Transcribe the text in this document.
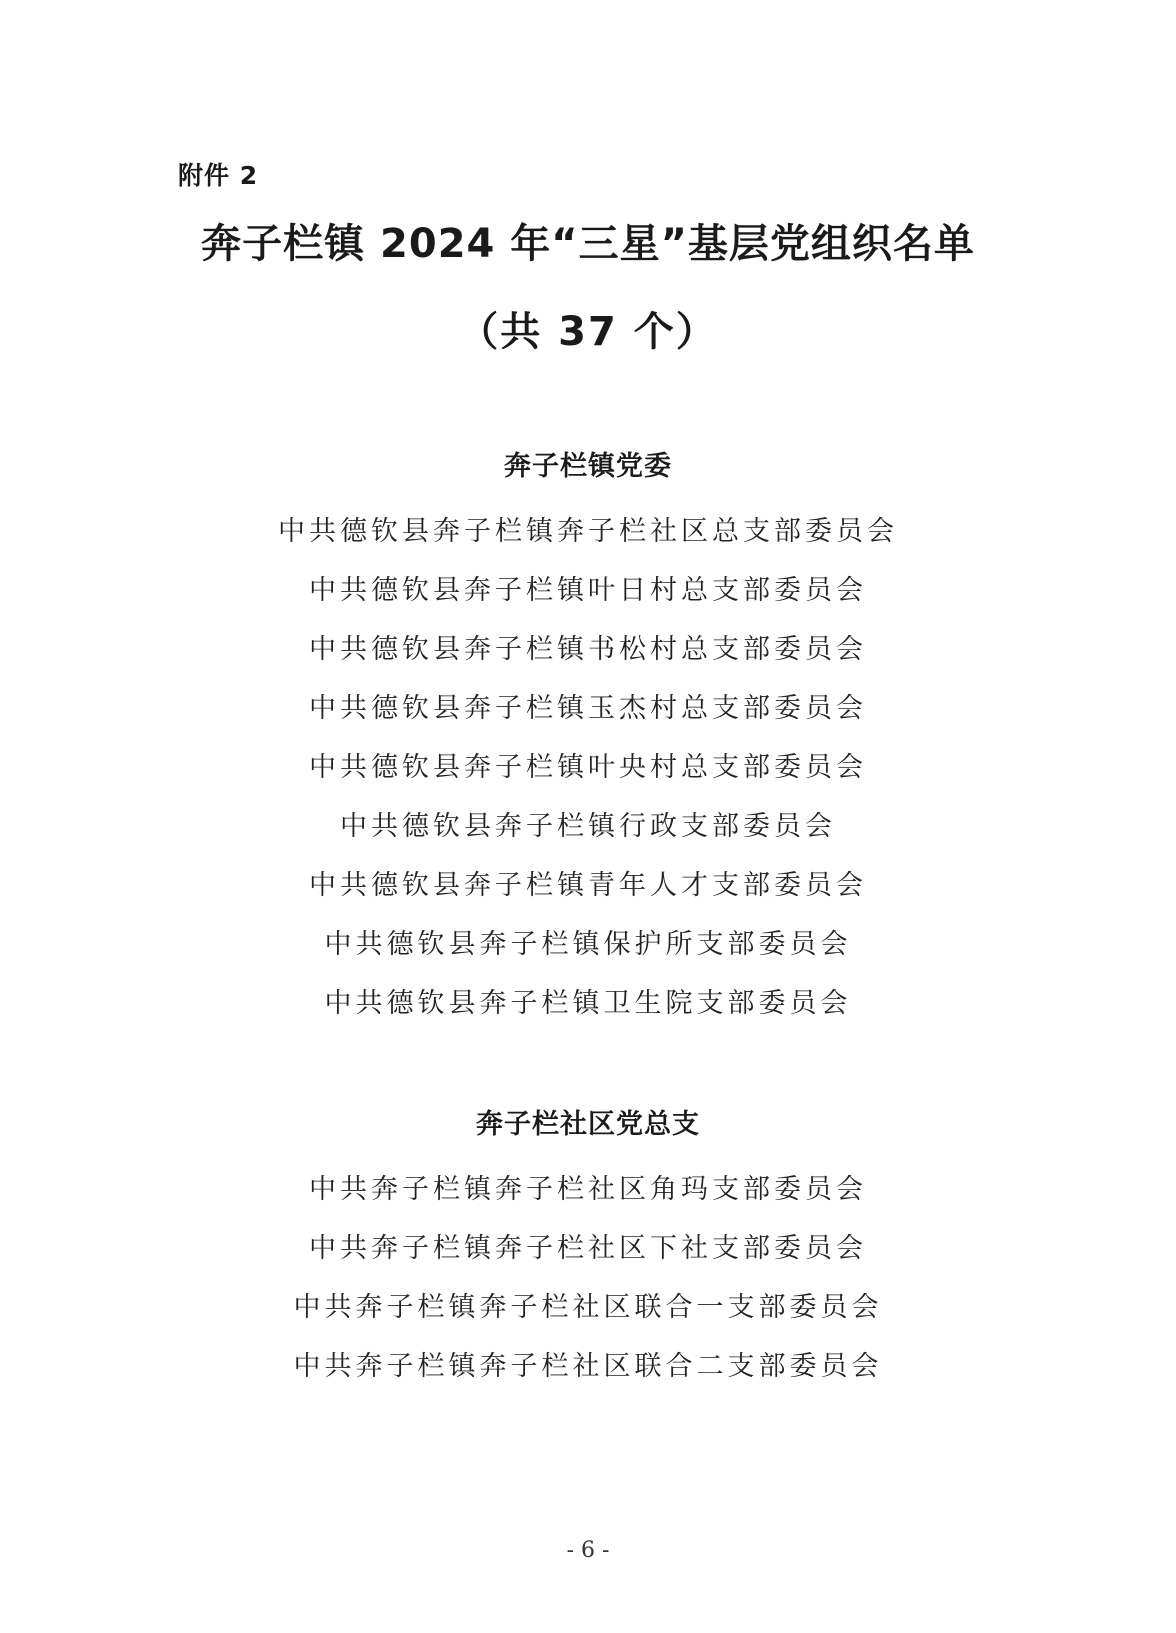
附件 2
奔子栏镇 2024 年“三星”基层党组织名单
（共 37 个）
奔子栏镇党委
中共德钦县奔子栏镇奔子栏社区总支部委员会
中共德钦县奔子栏镇叶日村总支部委员会
中共德钦县奔子栏镇书松村总支部委员会
中共德钦县奔子栏镇玉杰村总支部委员会
中共德钦县奔子栏镇叶央村总支部委员会
中共德钦县奔子栏镇行政支部委员会
中共德钦县奔子栏镇青年人才支部委员会
中共德钦县奔子栏镇保护所支部委员会
中共德钦县奔子栏镇卫生院支部委员会
奔子栏社区党总支
中共奔子栏镇奔子栏社区角玛支部委员会
中共奔子栏镇奔子栏社区下社支部委员会
中共奔子栏镇奔子栏社区联合一支部委员会
中共奔子栏镇奔子栏社区联合二支部委员会
- 6 -
